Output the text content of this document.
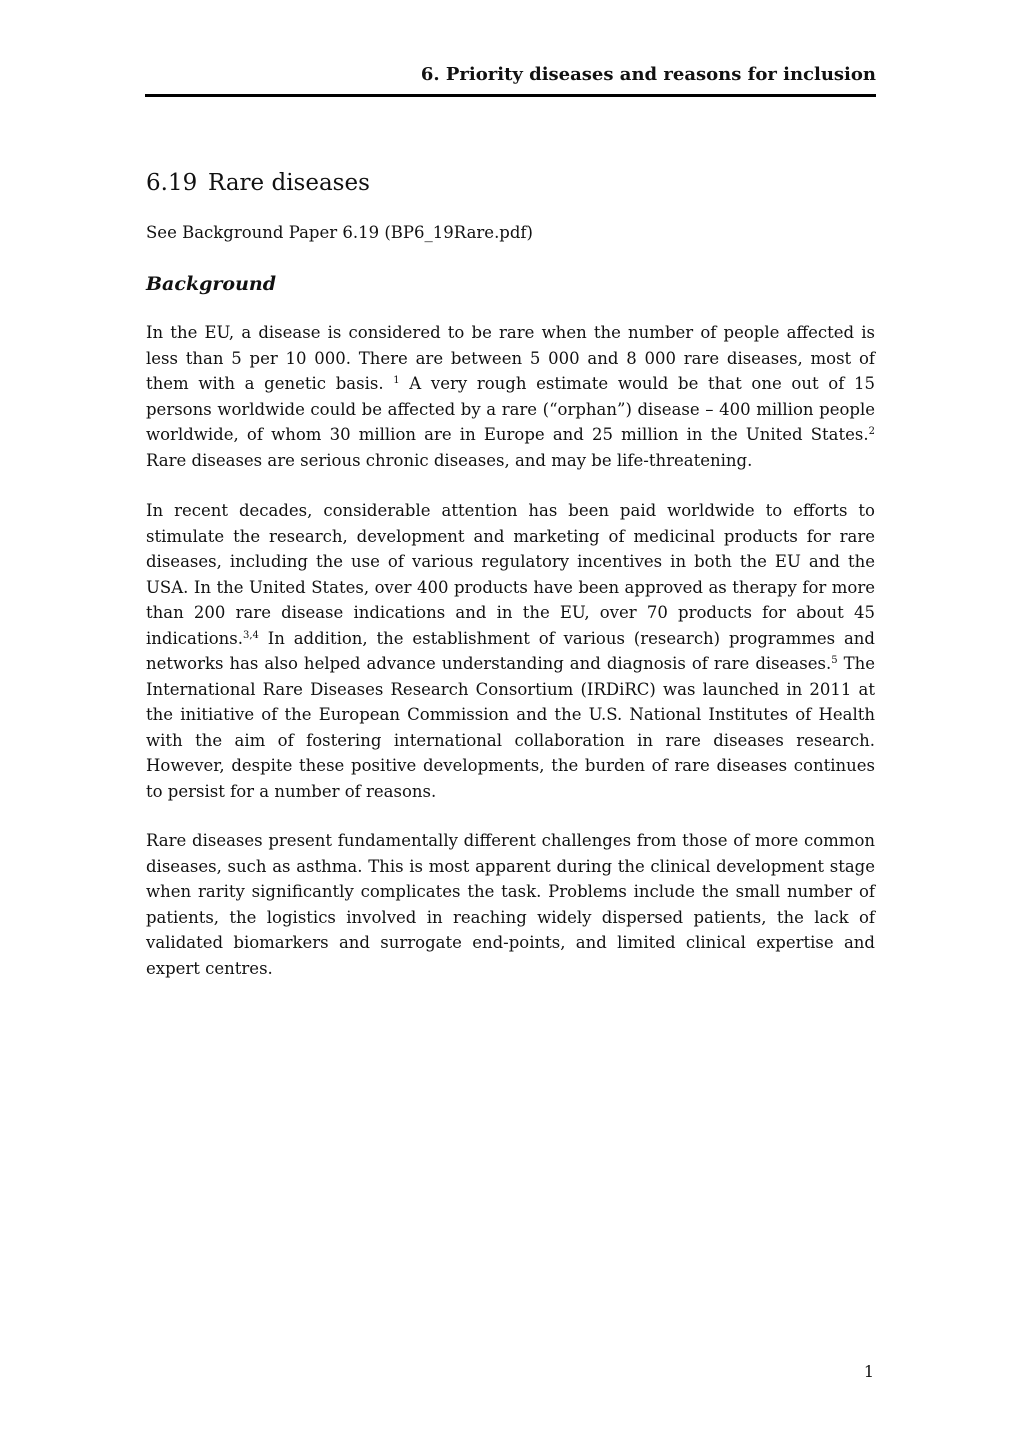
6. Priority diseases and reasons for inclusion
6.19 Rare diseases

See Background Paper 6.19 (BP6_19Rare.pdf)

Background

In the EU, a disease is considered to be rare when the number of people affected is less than 5 per 10 000. There are between 5 000 and 8 000 rare diseases, most of them with a genetic basis. $^1$ A very rough estimate would be that one out of 15 persons worldwide could be affected by a rare (“orphan”) disease – 400 million people worldwide, of whom 30 million are in Europe and 25 million in the United States.$^2$ Rare diseases are serious chronic diseases, and may be life-threatening.

In recent decades, considerable attention has been paid worldwide to efforts to stimulate the research, development and marketing of medicinal products for rare diseases, including the use of various regulatory incentives in both the EU and the USA. In the United States, over 400 products have been approved as therapy for more than 200 rare disease indications and in the EU, over 70 products for about 45 indications.$^{3,4}$ In addition, the establishment of various (research) programmes and networks has also helped advance understanding and diagnosis of rare diseases.$^5$ The International Rare Diseases Research Consortium (IRDiRC) was launched in 2011 at the initiative of the European Commission and the U.S. National Institutes of Health with the aim of fostering international collaboration in rare diseases research. However, despite these positive developments, the burden of rare diseases continues to persist for a number of reasons.

Rare diseases present fundamentally different challenges from those of more common diseases, such as asthma. This is most apparent during the clinical development stage when rarity significantly complicates the task. Problems include the small number of patients, the logistics involved in reaching widely dispersed patients, the lack of validated biomarkers and surrogate end-points, and limited clinical expertise and expert centres.

1
